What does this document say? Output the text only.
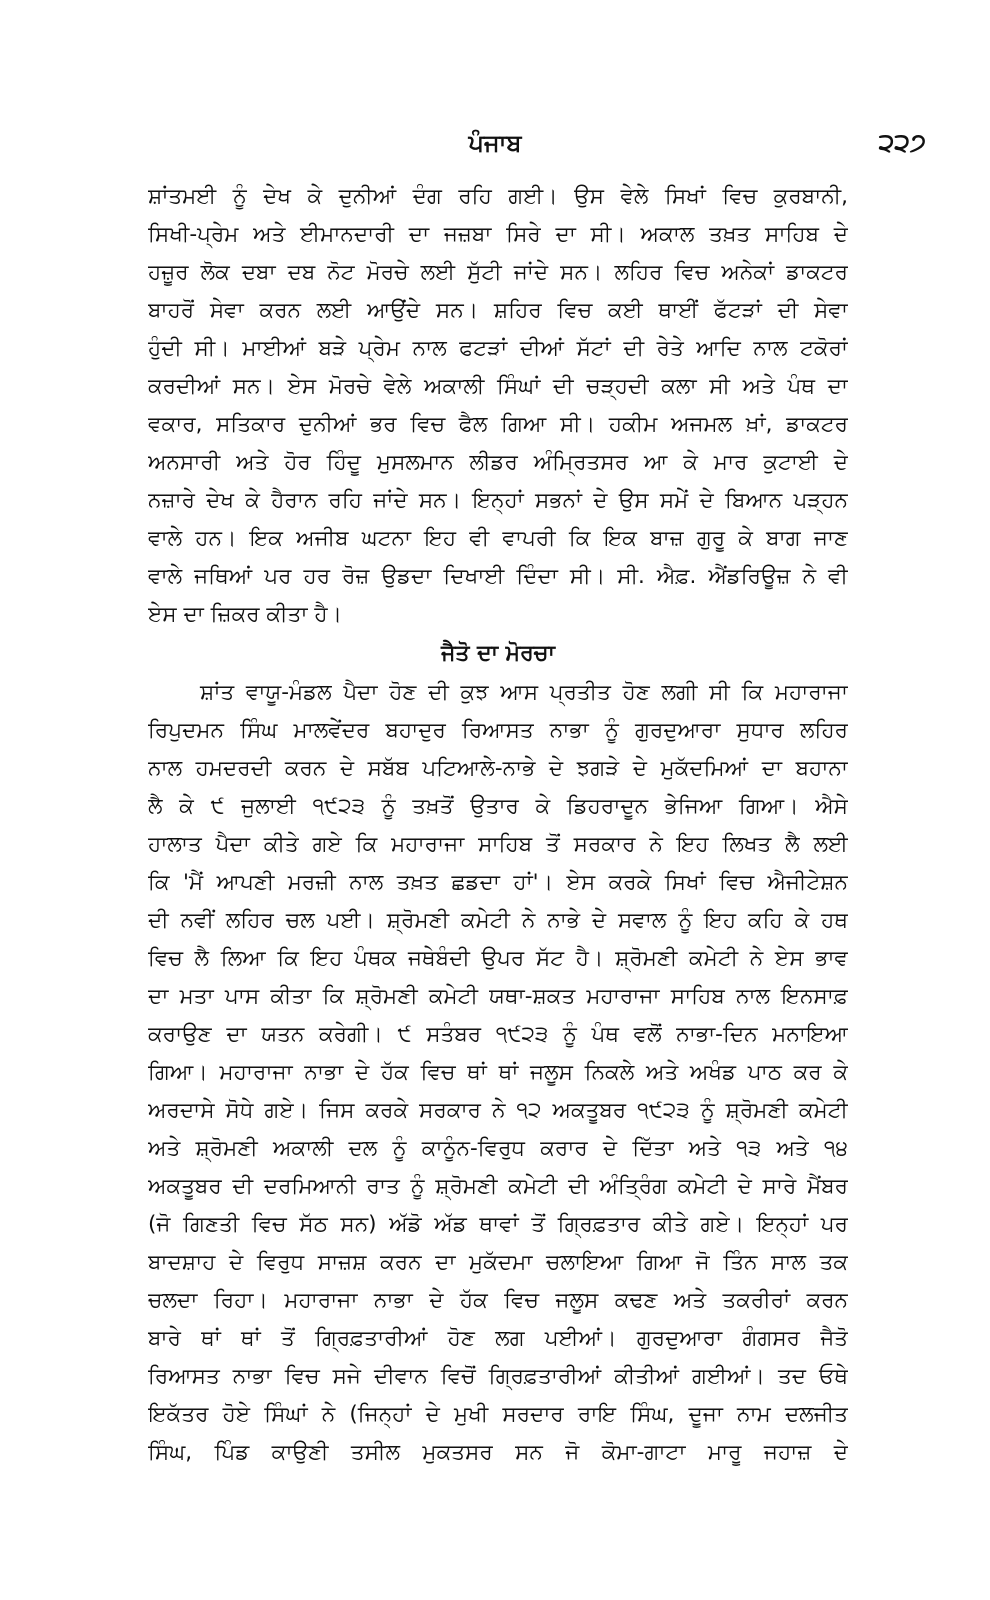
ਪੰਜਾਬ	੨੨੭
ਸ਼ਾਂਤਮਈ ਨੂੰ ਦੇਖ ਕੇ ਦੁਨੀਆਂ ਦੰਗ ਰਹਿ ਗਈ। ਉਸ ਵੇਲੇ ਸਿਖਾਂ ਵਿਚ ਕੁਰਬਾਨੀ,
ਸਿਖੀ-ਪ੍ਰੇਮ ਅਤੇ ਈਮਾਨਦਾਰੀ ਦਾ ਜਜ਼ਬਾ ਸਿਰੇ ਦਾ ਸੀ। ਅਕਾਲ ਤਖ਼ਤ ਸਾਹਿਬ ਦੇ
ਹਜ਼ੂਰ ਲੋਕ ਦਬਾ ਦਬ ਨੋਟ ਮੋਰਚੇ ਲਈ ਸੁੱਟੀ ਜਾਂਦੇ ਸਨ। ਲਹਿਰ ਵਿਚ ਅਨੇਕਾਂ ਡਾਕਟਰ
ਬਾਹਰੋਂ ਸੇਵਾ ਕਰਨ ਲਈ ਆਉਂਦੇ ਸਨ। ਸ਼ਹਿਰ ਵਿਚ ਕਈ ਥਾਈਂ ਫੱਟੜਾਂ ਦੀ ਸੇਵਾ
ਹੁੰਦੀ ਸੀ। ਮਾਈਆਂ ਬੜੇ ਪ੍ਰੇਮ ਨਾਲ ਫਟੜਾਂ ਦੀਆਂ ਸੱਟਾਂ ਦੀ ਰੇਤੇ ਆਦਿ ਨਾਲ ਟਕੋਰਾਂ
ਕਰਦੀਆਂ ਸਨ। ਏਸ ਮੋਰਚੇ ਵੇਲੇ ਅਕਾਲੀ ਸਿੰਘਾਂ ਦੀ ਚੜ੍ਹਦੀ ਕਲਾ ਸੀ ਅਤੇ ਪੰਥ ਦਾ
ਵਕਾਰ, ਸਤਿਕਾਰ ਦੁਨੀਆਂ ਭਰ ਵਿਚ ਫੈਲ ਗਿਆ ਸੀ। ਹਕੀਮ ਅਜਮਲ ਖ਼ਾਂ, ਡਾਕਟਰ
ਅਨਸਾਰੀ ਅਤੇ ਹੋਰ ਹਿੰਦੂ ਮੁਸਲਮਾਨ ਲੀਡਰ ਅੰਮ੍ਰਿਤਸਰ ਆ ਕੇ ਮਾਰ ਕੁਟਾਈ ਦੇ
ਨਜ਼ਾਰੇ ਦੇਖ ਕੇ ਹੈਰਾਨ ਰਹਿ ਜਾਂਦੇ ਸਨ। ਇਨ੍ਹਾਂ ਸਭਨਾਂ ਦੇ ਉਸ ਸਮੇਂ ਦੇ ਬਿਆਨ ਪੜ੍ਹਨ
ਵਾਲੇ ਹਨ। ਇਕ ਅਜੀਬ ਘਟਨਾ ਇਹ ਵੀ ਵਾਪਰੀ ਕਿ ਇਕ ਬਾਜ਼ ਗੁਰੂ ਕੇ ਬਾਗ ਜਾਣ
ਵਾਲੇ ਜਥਿਆਂ ਪਰ ਹਰ ਰੋਜ਼ ਉਡਦਾ ਦਿਖਾਈ ਦਿੰਦਾ ਸੀ। ਸੀ. ਐਫ਼. ਐਂਡਰਿਊਜ਼ ਨੇ ਵੀ
ਏਸ ਦਾ ਜ਼ਿਕਰ ਕੀਤਾ ਹੈ।
ਜੈਤੋ ਦਾ ਮੋਰਚਾ
ਸ਼ਾਂਤ ਵਾਯੂ-ਮੰਡਲ ਪੈਦਾ ਹੋਣ ਦੀ ਕੁਝ ਆਸ ਪ੍ਰਤੀਤ ਹੋਣ ਲਗੀ ਸੀ ਕਿ ਮਹਾਰਾਜਾ
ਰਿਪੁਦਮਨ ਸਿੰਘ ਮਾਲਵੇਂਦਰ ਬਹਾਦੁਰ ਰਿਆਸਤ ਨਾਭਾ ਨੂੰ ਗੁਰਦੁਆਰਾ ਸੁਧਾਰ ਲਹਿਰ
ਨਾਲ ਹਮਦਰਦੀ ਕਰਨ ਦੇ ਸਬੱਬ ਪਟਿਆਲੇ-ਨਾਭੇ ਦੇ ਝਗੜੇ ਦੇ ਮੁਕੱਦਮਿਆਂ ਦਾ ਬਹਾਨਾ
ਲੈ ਕੇ ੯ ਜੁਲਾਈ ੧੯੨੩ ਨੂੰ ਤਖ਼ਤੋਂ ਉਤਾਰ ਕੇ ਡਿਹਰਾਦੂਨ ਭੇਜਿਆ ਗਿਆ। ਐਸੇ
ਹਾਲਾਤ ਪੈਦਾ ਕੀਤੇ ਗਏ ਕਿ ਮਹਾਰਾਜਾ ਸਾਹਿਬ ਤੋਂ ਸਰਕਾਰ ਨੇ ਇਹ ਲਿਖਤ ਲੈ ਲਈ
ਕਿ 'ਮੈਂ ਆਪਣੀ ਮਰਜ਼ੀ ਨਾਲ ਤਖ਼ਤ ਛਡਦਾ ਹਾਂ'। ਏਸ ਕਰਕੇ ਸਿਖਾਂ ਵਿਚ ਐਜੀਟੇਸ਼ਨ
ਦੀ ਨਵੀਂ ਲਹਿਰ ਚਲ ਪਈ। ਸ਼੍ਰੋਮਣੀ ਕਮੇਟੀ ਨੇ ਨਾਭੇ ਦੇ ਸਵਾਲ ਨੂੰ ਇਹ ਕਹਿ ਕੇ ਹਥ
ਵਿਚ ਲੈ ਲਿਆ ਕਿ ਇਹ ਪੰਥਕ ਜਥੇਬੰਦੀ ਉਪਰ ਸੱਟ ਹੈ। ਸ਼੍ਰੋਮਣੀ ਕਮੇਟੀ ਨੇ ਏਸ ਭਾਵ
ਦਾ ਮਤਾ ਪਾਸ ਕੀਤਾ ਕਿ ਸ਼੍ਰੋਮਣੀ ਕਮੇਟੀ ਯਥਾ-ਸ਼ਕਤ ਮਹਾਰਾਜਾ ਸਾਹਿਬ ਨਾਲ ਇਨਸਾਫ਼
ਕਰਾਉਣ ਦਾ ਯਤਨ ਕਰੇਗੀ। ੯ ਸਤੰਬਰ ੧੯੨੩ ਨੂੰ ਪੰਥ ਵਲੋਂ ਨਾਭਾ-ਦਿਨ ਮਨਾਇਆ
ਗਿਆ। ਮਹਾਰਾਜਾ ਨਾਭਾ ਦੇ ਹੱਕ ਵਿਚ ਥਾਂ ਥਾਂ ਜਲੂਸ ਨਿਕਲੇ ਅਤੇ ਅਖੰਡ ਪਾਠ ਕਰ ਕੇ
ਅਰਦਾਸੇ ਸੋਧੇ ਗਏ। ਜਿਸ ਕਰਕੇ ਸਰਕਾਰ ਨੇ ੧੨ ਅਕਤੂਬਰ ੧੯੨੩ ਨੂੰ ਸ਼੍ਰੋਮਣੀ ਕਮੇਟੀ
ਅਤੇ ਸ਼੍ਰੋਮਣੀ ਅਕਾਲੀ ਦਲ ਨੂੰ ਕਾਨੂੰਨ-ਵਿਰੁਧ ਕਰਾਰ ਦੇ ਦਿੱਤਾ ਅਤੇ ੧੩ ਅਤੇ ੧੪
ਅਕਤੂਬਰ ਦੀ ਦਰਮਿਆਨੀ ਰਾਤ ਨੂੰ ਸ਼੍ਰੋਮਣੀ ਕਮੇਟੀ ਦੀ ਅੰਤ੍ਰਿੰਗ ਕਮੇਟੀ ਦੇ ਸਾਰੇ ਮੈਂਬਰ
(ਜੋ ਗਿਣਤੀ ਵਿਚ ਸੱਠ ਸਨ) ਅੱਡੋ ਅੱਡ ਥਾਵਾਂ ਤੋਂ ਗ੍ਰਿਫ਼ਤਾਰ ਕੀਤੇ ਗਏ। ਇਨ੍ਹਾਂ ਪਰ
ਬਾਦਸ਼ਾਹ ਦੇ ਵਿਰੁਧ ਸਾਜ਼ਸ਼ ਕਰਨ ਦਾ ਮੁਕੱਦਮਾ ਚਲਾਇਆ ਗਿਆ ਜੋ ਤਿੰਨ ਸਾਲ ਤਕ
ਚਲਦਾ ਰਿਹਾ। ਮਹਾਰਾਜਾ ਨਾਭਾ ਦੇ ਹੱਕ ਵਿਚ ਜਲੂਸ ਕਢਣ ਅਤੇ ਤਕਰੀਰਾਂ ਕਰਨ
ਬਾਰੇ ਥਾਂ ਥਾਂ ਤੋਂ ਗ੍ਰਿਫ਼ਤਾਰੀਆਂ ਹੋਣ ਲਗ ਪਈਆਂ। ਗੁਰਦੁਆਰਾ ਗੰਗਸਰ ਜੈਤੋ
ਰਿਆਸਤ ਨਾਭਾ ਵਿਚ ਸਜੇ ਦੀਵਾਨ ਵਿਚੋਂ ਗ੍ਰਿਫ਼ਤਾਰੀਆਂ ਕੀਤੀਆਂ ਗਈਆਂ। ਤਦ ਓਥੇ
ਇਕੱਤਰ ਹੋਏ ਸਿੰਘਾਂ ਨੇ (ਜਿਨ੍ਹਾਂ ਦੇ ਮੁਖੀ ਸਰਦਾਰ ਰਾਇ ਸਿੰਘ, ਦੂਜਾ ਨਾਮ ਦਲਜੀਤ
ਸਿੰਘ, ਪਿੰਡ ਕਾਉਣੀ ਤਸੀਲ ਮੁਕਤਸਰ ਸਨ ਜੋ ਕੋਮਾ-ਗਾਟਾ ਮਾਰੂ ਜਹਾਜ਼ ਦੇ
